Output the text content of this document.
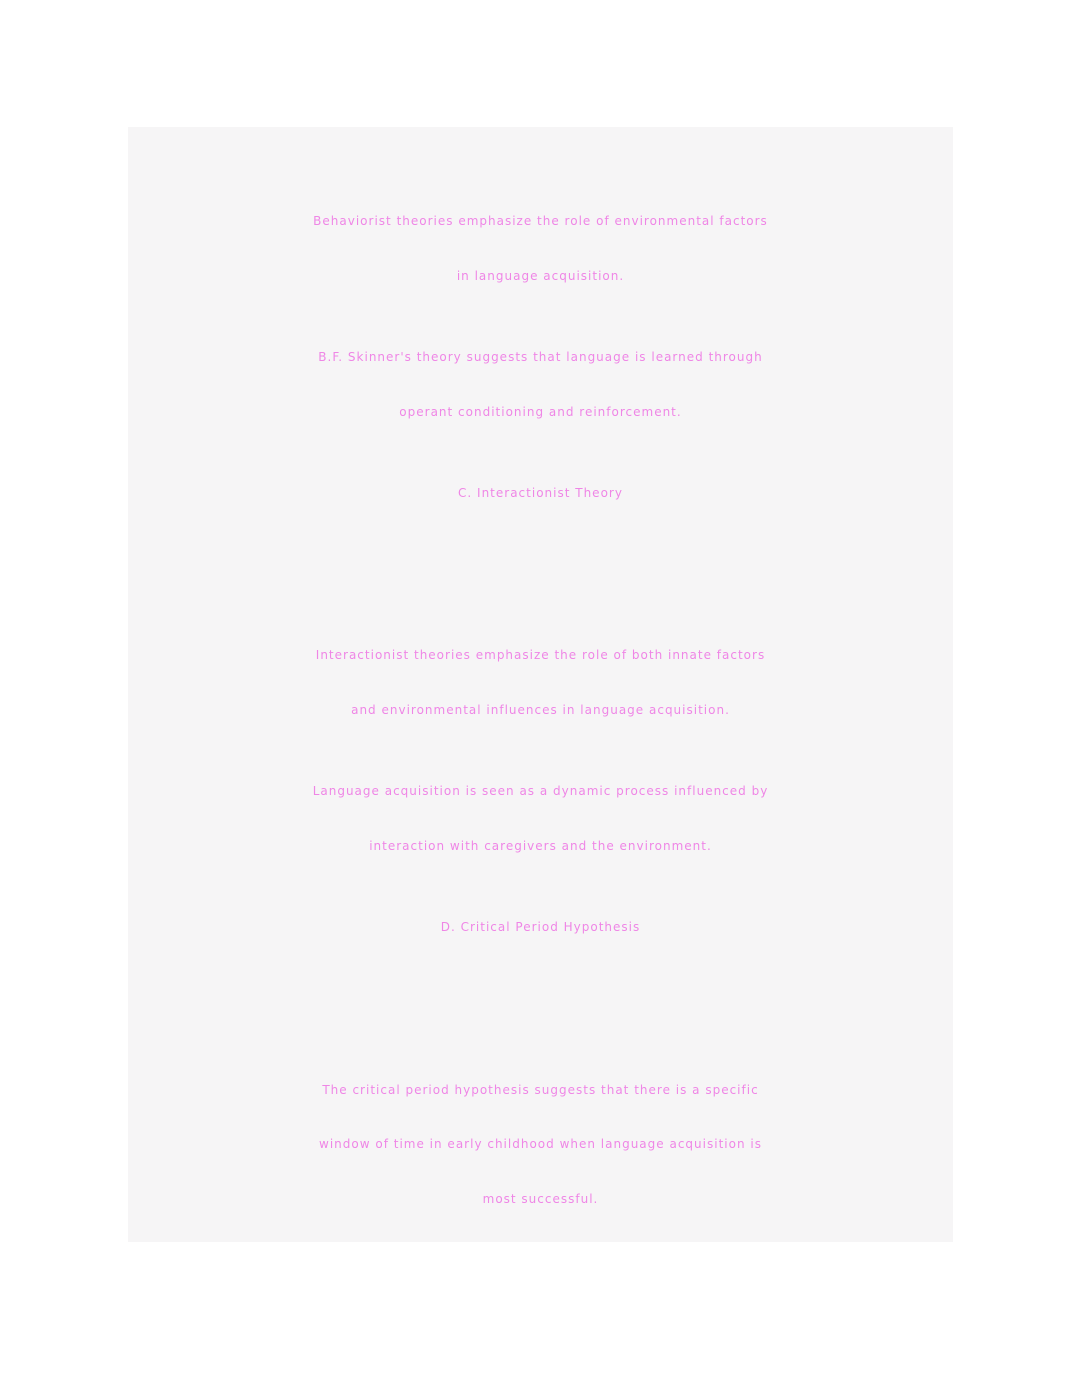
Behaviorist theories emphasize the role of environmental factors
in language acquisition.
B.F. Skinner's theory suggests that language is learned through
operant conditioning and reinforcement.
C. Interactionist Theory
Interactionist theories emphasize the role of both innate factors
and environmental influences in language acquisition.
Language acquisition is seen as a dynamic process influenced by
interaction with caregivers and the environment.
D. Critical Period Hypothesis
The critical period hypothesis suggests that there is a specific
window of time in early childhood when language acquisition is
most successful.
